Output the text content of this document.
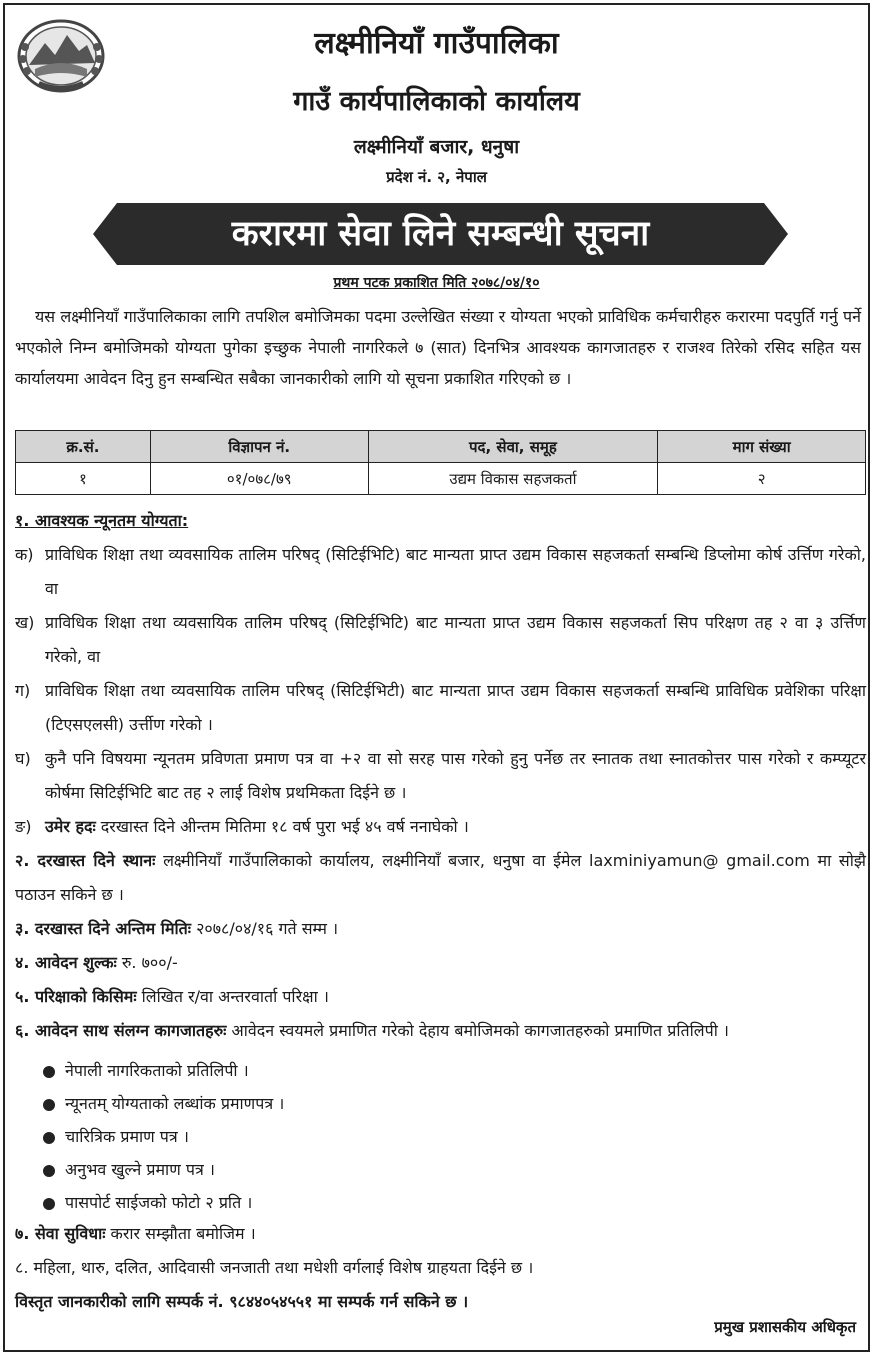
लक्ष्मीनियाँ गाउँपालिका
गाउँ कार्यपालिकाको कार्यालय
लक्ष्मीनियाँ बजार, धनुषा
प्रदेश नं. २, नेपाल
करारमा सेवा लिने सम्बन्धी सूचना
प्रथम पटक प्रकाशित मिति २०७८/०४/१०
यस लक्ष्मीनियाँ गाउँपालिकाका लागि तपशिल बमोजिमका पदमा उल्लेखित संख्या र योग्यता भएको प्राविधिक कर्मचारीहरु करारमा पदपुर्ति गर्नु पर्ने भएकोले निम्न बमोजिमको योग्यता पुगेका इच्छुक नेपाली नागरिकले ७ (सात) दिनभित्र आवश्यक कागजातहरु र राजश्व तिरेको रसिद सहित यस कार्यालयमा आवेदन दिनु हुन सम्बन्धित सबैका जानकारीको लागि यो सूचना प्रकाशित गरिएको छ ।
क्र.सं.	विज्ञापन नं.	पद, सेवा, समूह	माग संख्या
१	०१/०७८/७९	उद्यम विकास सहजकर्ता	२
१. आवश्यक न्यूनतम योग्यता:
क) प्राविधिक शिक्षा तथा व्यवसायिक तालिम परिषद् (सिटिईभिटि) बाट मान्यता प्राप्त उद्यम विकास सहजकर्ता सम्बन्धि डिप्लोमा कोर्ष उर्त्तिण गरेको, वा
ख) प्राविधिक शिक्षा तथा व्यवसायिक तालिम परिषद् (सिटिईभिटि) बाट मान्यता प्राप्त उद्यम विकास सहजकर्ता सिप परिक्षण तह २ वा ३ उर्त्तिण गरेको, वा
ग) प्राविधिक शिक्षा तथा व्यवसायिक तालिम परिषद् (सिटिईभिटी) बाट मान्यता प्राप्त उद्यम विकास सहजकर्ता सम्बन्धि प्राविधिक प्रवेशिका परिक्षा (टिएसएलसी) उर्त्तीण गरेको ।
घ) कुनै पनि विषयमा न्यूनतम प्रविणता प्रमाण पत्र वा +२ वा सो सरह पास गरेको हुनु पर्नेछ तर स्नातक तथा स्नातकोत्तर पास गरेको र कम्प्यूटर कोर्षमा सिटिईभिटि बाट तह २ लाई विशेष प्रथमिकता दिईने छ ।
ङ) उमेर हदः दरखास्त दिने अीन्तम मितिमा १८ वर्ष पुरा भई ४५ वर्ष ननाघेको ।
२. दरखास्त दिने स्थानः लक्ष्मीनियाँ गाउँपालिकाको कार्यालय, लक्ष्मीनियाँ बजार, धनुषा वा ईमेल laxminiyamun@ gmail.com मा सोझै पठाउन सकिने छ ।
३. दरखास्त दिने अन्तिम मितिः २०७८/०४/१६ गते सम्म ।
४. आवेदन शुल्कः रु. ७००/-
५. परिक्षाको किसिमः लिखित र/वा अन्तरवार्ता परिक्षा ।
६. आवेदन साथ संलग्न कागजातहरुः आवेदन स्वयमले प्रमाणित गरेको देहाय बमोजिमको कागजातहरुको प्रमाणित प्रतिलिपी ।
नेपाली नागरिकताको प्रतिलिपी ।
न्यूनतम् योग्यताको लब्धांक प्रमाणपत्र ।
चारित्रिक प्रमाण पत्र ।
अनुभव खुल्ने प्रमाण पत्र ।
पासपोर्ट साईजको फोटो २ प्रति ।
७. सेवा सुविधाः करार सम्झौता बमोजिम ।
८. महिला, थारु, दलित, आदिवासी जनजाती तथा मधेशी वर्गलाई विशेष ग्राहयता दिईने छ ।
विस्तृत जानकारीको लागि सम्पर्क नं. ९८४४०५४५५१ मा सम्पर्क गर्न सकिने छ ।
प्रमुख प्रशासकीय अधिकृत
